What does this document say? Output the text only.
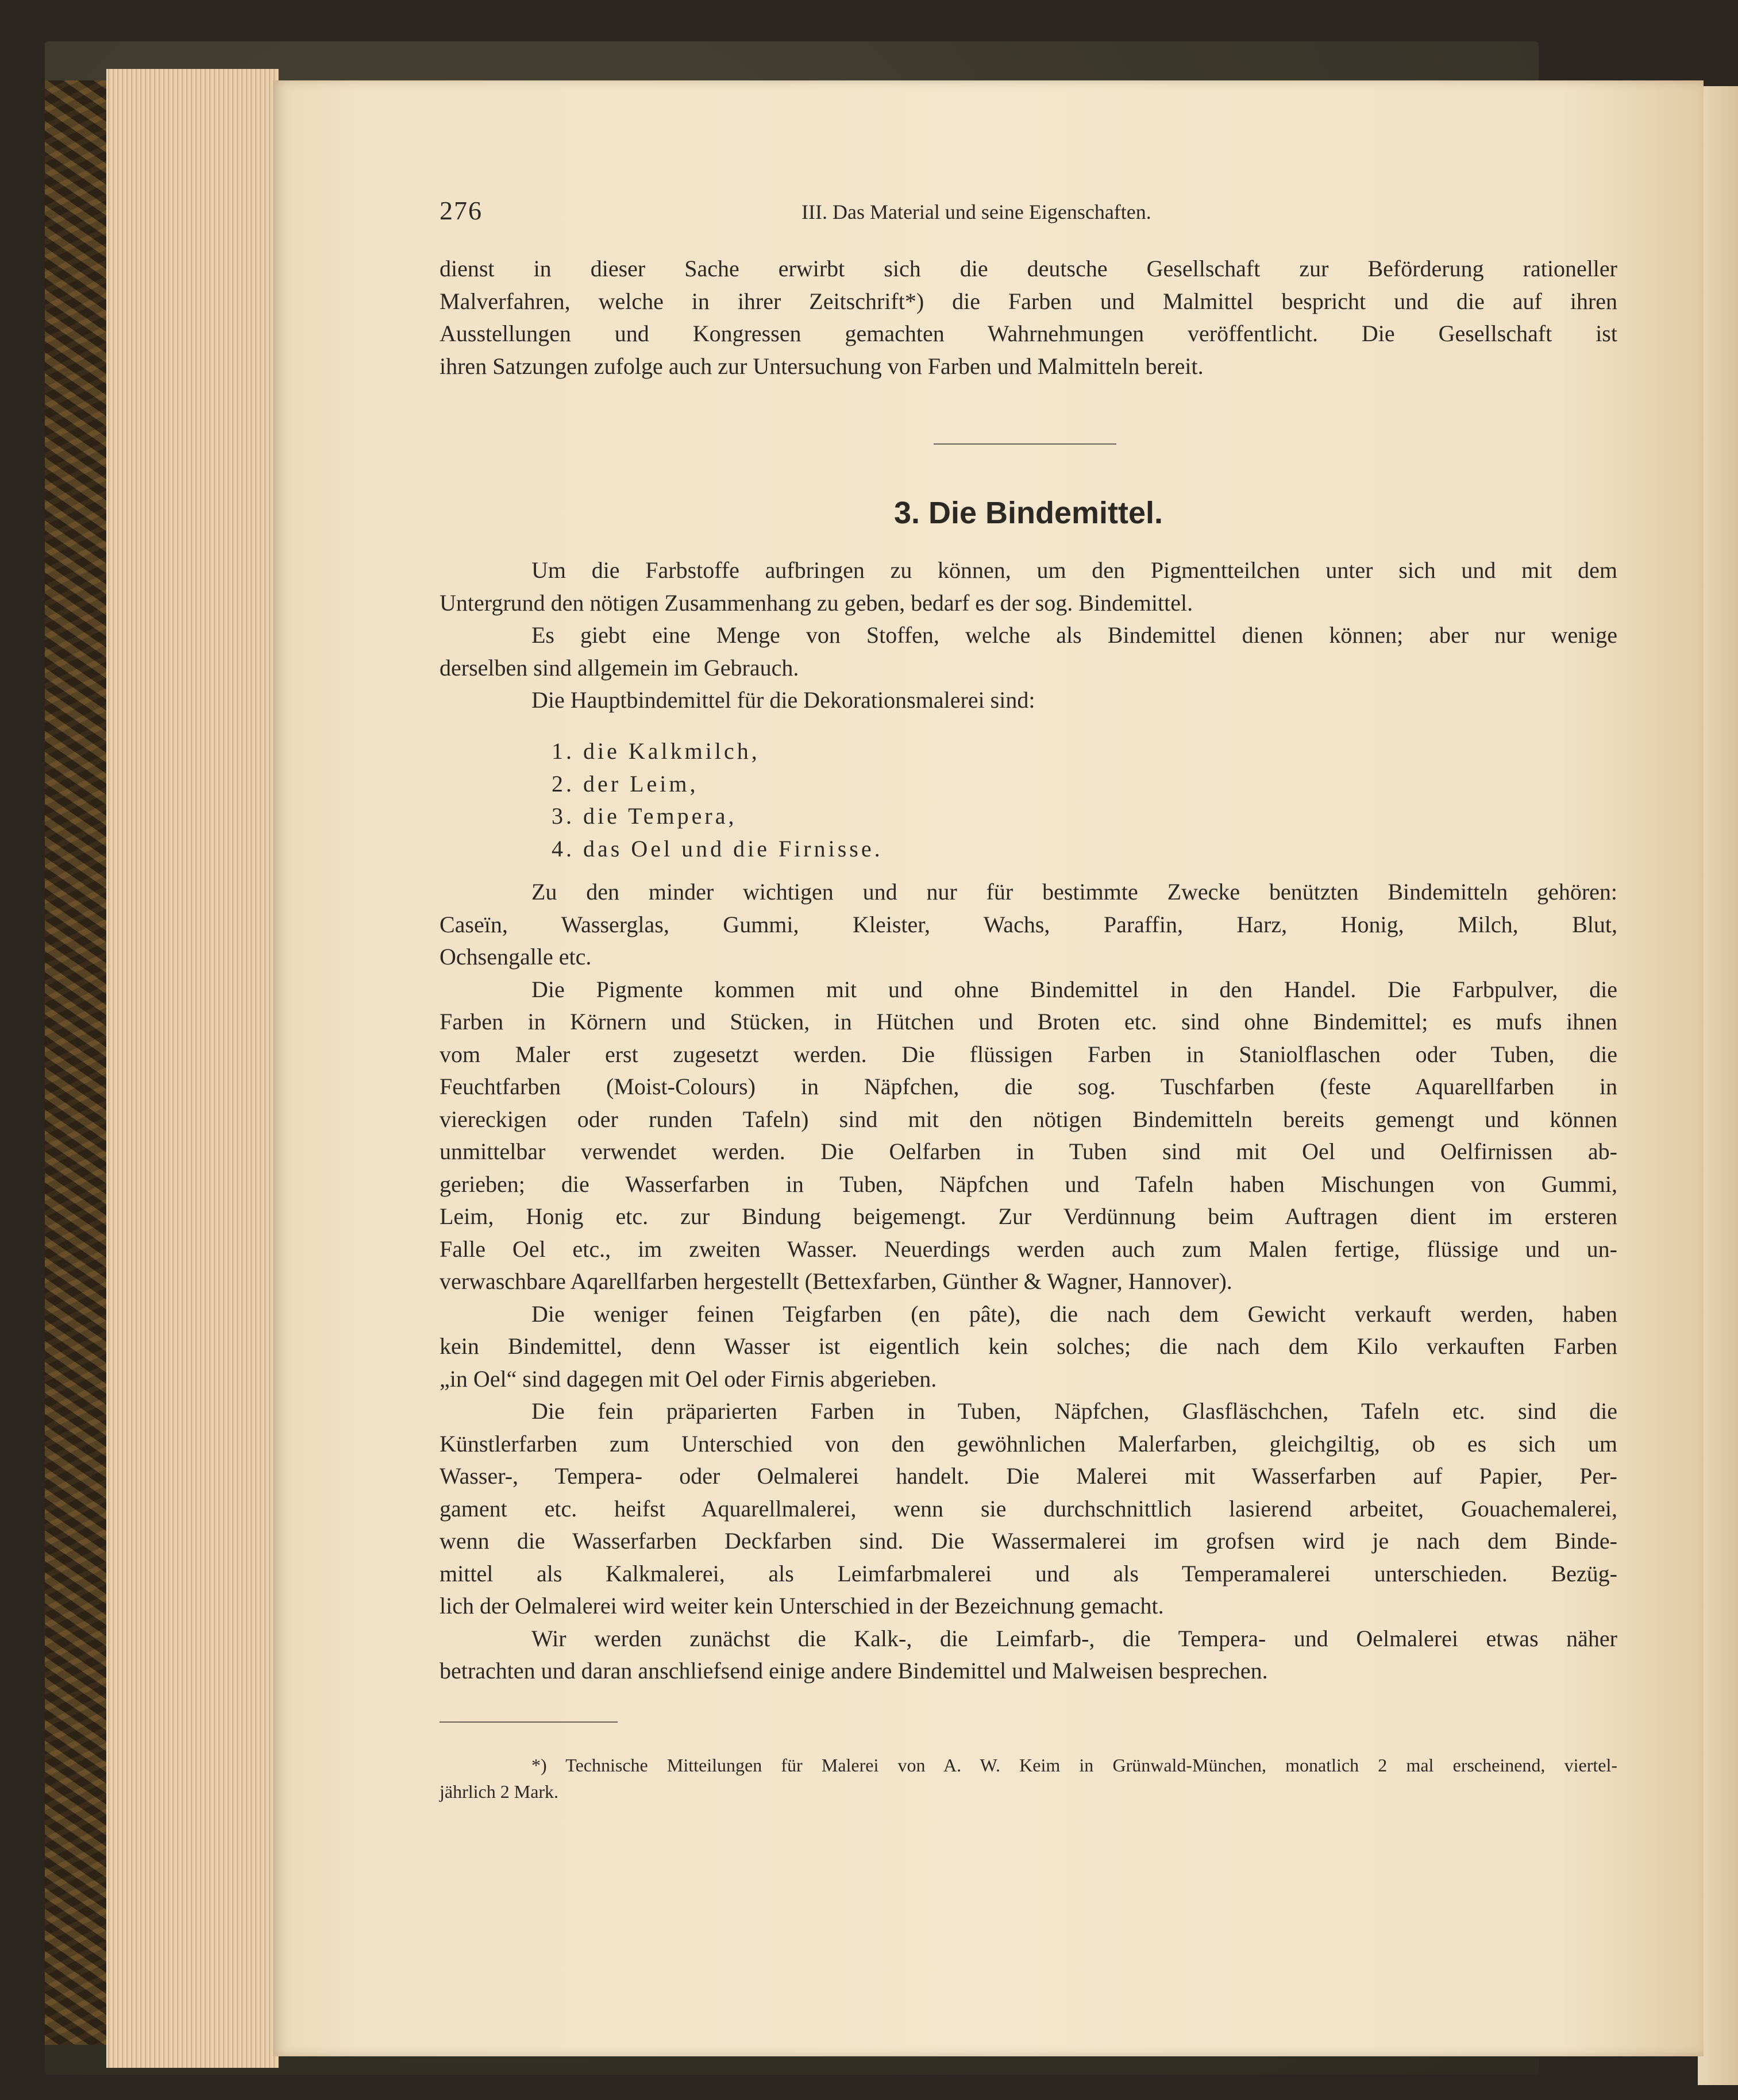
276	III. Das Material und seine Eigenschaften.
dienst in dieser Sache erwirbt sich die deutsche Gesellschaft zur Beförderung rationeller
Malverfahren, welche in ihrer Zeitschrift*) die Farben und Malmittel bespricht und die auf ihren
Ausstellungen und Kongressen gemachten Wahrnehmungen veröffentlicht. Die Gesellschaft ist
ihren Satzungen zufolge auch zur Untersuchung von Farben und Malmitteln bereit.
3. Die Bindemittel.
Um die Farbstoffe aufbringen zu können, um den Pigmentteilchen unter sich und mit dem
Untergrund den nötigen Zusammenhang zu geben, bedarf es der sog. Bindemittel.
Es giebt eine Menge von Stoffen, welche als Bindemittel dienen können; aber nur wenige
derselben sind allgemein im Gebrauch.
Die Hauptbindemittel für die Dekorationsmalerei sind:
1. die Kalkmilch,
2. der Leim,
3. die Tempera,
4. das Oel und die Firnisse.
Zu den minder wichtigen und nur für bestimmte Zwecke benützten Bindemitteln gehören:
Caseïn, Wasserglas, Gummi, Kleister, Wachs, Paraffin, Harz, Honig, Milch, Blut,
Ochsengalle etc.
Die Pigmente kommen mit und ohne Bindemittel in den Handel. Die Farbpulver, die
Farben in Körnern und Stücken, in Hütchen und Broten etc. sind ohne Bindemittel; es mufs ihnen
vom Maler erst zugesetzt werden. Die flüssigen Farben in Staniolflaschen oder Tuben, die
Feuchtfarben (Moist-Colours) in Näpfchen, die sog. Tuschfarben (feste Aquarellfarben in
viereckigen oder runden Tafeln) sind mit den nötigen Bindemitteln bereits gemengt und können
unmittelbar verwendet werden. Die Oelfarben in Tuben sind mit Oel und Oelfirnissen ab-
gerieben; die Wasserfarben in Tuben, Näpfchen und Tafeln haben Mischungen von Gummi,
Leim, Honig etc. zur Bindung beigemengt. Zur Verdünnung beim Auftragen dient im ersteren
Falle Oel etc., im zweiten Wasser. Neuerdings werden auch zum Malen fertige, flüssige und un-
verwaschbare Aqarellfarben hergestellt (Bettexfarben, Günther & Wagner, Hannover).
Die weniger feinen Teigfarben (en pâte), die nach dem Gewicht verkauft werden, haben
kein Bindemittel, denn Wasser ist eigentlich kein solches; die nach dem Kilo verkauften Farben
„in Oel“ sind dagegen mit Oel oder Firnis abgerieben.
Die fein präparierten Farben in Tuben, Näpfchen, Glasfläschchen, Tafeln etc. sind die
Künstlerfarben zum Unterschied von den gewöhnlichen Malerfarben, gleichgiltig, ob es sich um
Wasser-, Tempera- oder Oelmalerei handelt. Die Malerei mit Wasserfarben auf Papier, Per-
gament etc. heifst Aquarellmalerei, wenn sie durchschnittlich lasierend arbeitet, Gouachemalerei,
wenn die Wasserfarben Deckfarben sind. Die Wassermalerei im grofsen wird je nach dem Binde-
mittel als Kalkmalerei, als Leimfarbmalerei und als Temperamalerei unterschieden. Bezüg-
lich der Oelmalerei wird weiter kein Unterschied in der Bezeichnung gemacht.
Wir werden zunächst die Kalk-, die Leimfarb-, die Tempera- und Oelmalerei etwas näher
betrachten und daran anschliefsend einige andere Bindemittel und Malweisen besprechen.
*) Technische Mitteilungen für Malerei von A. W. Keim in Grünwald-München, monatlich 2 mal erscheinend, viertel-
jährlich 2 Mark.
